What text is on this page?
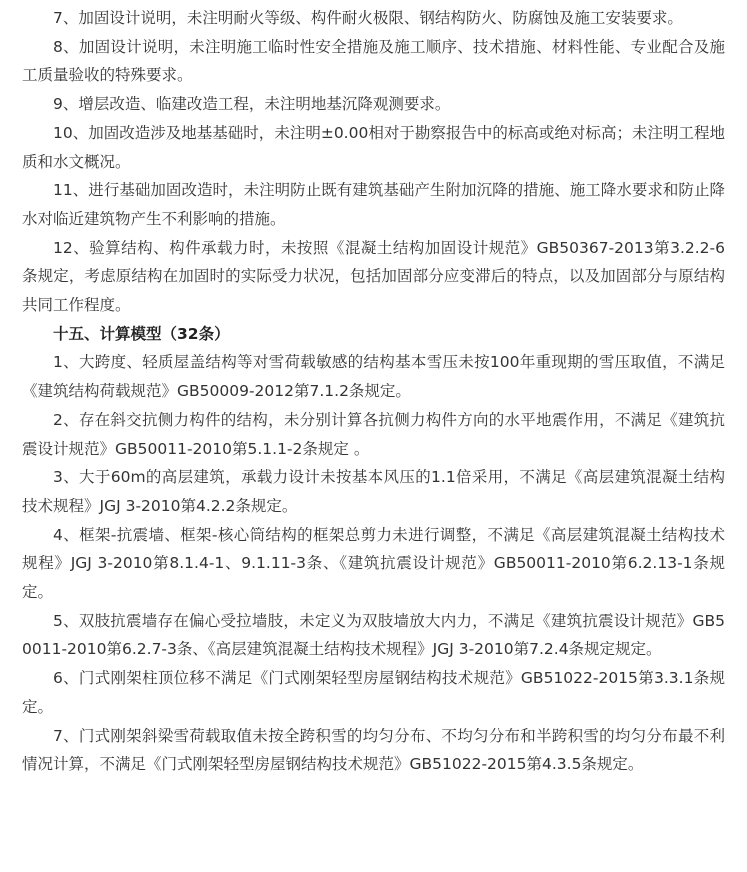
7、加固设计说明，未注明耐火等级、构件耐火极限、钢结构防火、防腐蚀及施工安装要求。

8、加固设计说明，未注明施工临时性安全措施及施工顺序、技术措施、材料性能、专业配合及施工质量验收的特殊要求。

9、增层改造、临建改造工程，未注明地基沉降观测要求。

10、加固改造涉及地基基础时，未注明±0.00相对于勘察报告中的标高或绝对标高；未注明工程地质和水文概况。

11、进行基础加固改造时，未注明防止既有建筑基础产生附加沉降的措施、施工降水要求和防止降水对临近建筑物产生不利影响的措施。

12、验算结构、构件承载力时，未按照《混凝土结构加固设计规范》GB50367-2013第3.2.2-6条规定，考虑原结构在加固时的实际受力状况，包括加固部分应变滞后的特点，以及加固部分与原结构共同工作程度。

十五、计算模型（32条）

1、大跨度、轻质屋盖结构等对雪荷载敏感的结构基本雪压未按100年重现期的雪压取值，不满足《建筑结构荷载规范》GB50009-2012第7.1.2条规定。

2、存在斜交抗侧力构件的结构，未分别计算各抗侧力构件方向的水平地震作用，不满足《建筑抗震设计规范》GB50011-2010第5.1.1-2条规定 。

3、大于60m的高层建筑，承载力设计未按基本风压的1.1倍采用，不满足《高层建筑混凝土结构技术规程》JGJ 3-2010第4.2.2条规定。

4、框架-抗震墙、框架-核心筒结构的框架总剪力未进行调整，不满足《高层建筑混凝土结构技术规程》JGJ 3-2010第8.1.4-1、9.1.11-3条、《建筑抗震设计规范》GB50011-2010第6.2.13-1条规定。

5、双肢抗震墙存在偏心受拉墙肢，未定义为双肢墙放大内力，不满足《建筑抗震设计规范》GB50011-2010第6.2.7-3条、《高层建筑混凝土结构技术规程》JGJ 3-2010第7.2.4条规定规定。

6、门式刚架柱顶位移不满足《门式刚架轻型房屋钢结构技术规范》GB51022-2015第3.3.1条规定。

7、门式刚架斜梁雪荷载取值未按全跨积雪的均匀分布、不均匀分布和半跨积雪的均匀分布最不利情况计算，不满足《门式刚架轻型房屋钢结构技术规范》GB51022-2015第4.3.5条规定。
